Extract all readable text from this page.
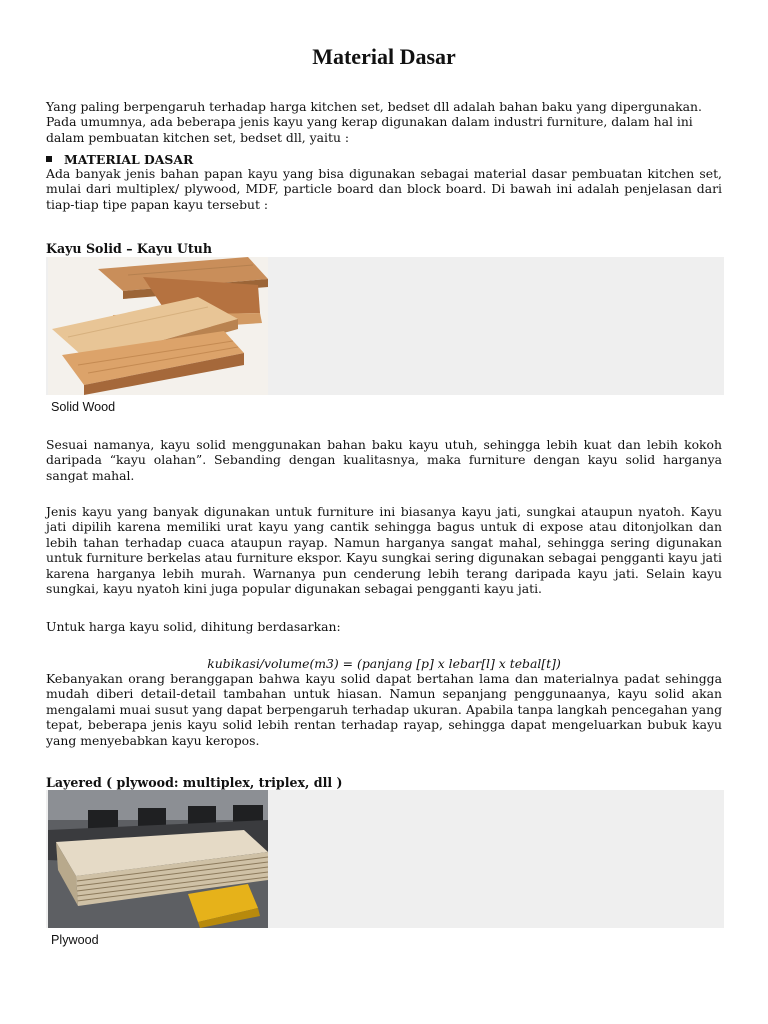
Material Dasar

Yang paling berpengaruh terhadap harga kitchen set, bedset dll adalah bahan baku yang dipergunakan. Pada umumnya, ada beberapa jenis kayu yang kerap digunakan dalam industri furniture, dalam hal ini dalam pembuatan kitchen set, bedset dll, yaitu :

MATERIAL DASAR

Ada banyak jenis bahan papan kayu yang bisa digunakan sebagai material dasar pembuatan kitchen set, mulai dari multiplex/ plywood, MDF, particle board dan block board. Di bawah ini adalah penjelasan dari tiap-tiap tipe papan kayu tersebut :

Kayu Solid – Kayu Utuh

Solid Wood

Sesuai namanya, kayu solid menggunakan bahan baku kayu utuh, sehingga lebih kuat dan lebih kokoh daripada “kayu olahan”. Sebanding dengan kualitasnya, maka furniture dengan kayu solid harganya sangat mahal.

Jenis kayu yang banyak digunakan untuk furniture ini biasanya kayu jati, sungkai ataupun nyatoh. Kayu jati dipilih karena memiliki urat kayu yang cantik sehingga bagus untuk di expose atau ditonjolkan dan lebih tahan terhadap cuaca ataupun rayap. Namun harganya sangat mahal, sehingga sering digunakan untuk furniture berkelas atau furniture ekspor. Kayu sungkai sering digunakan sebagai pengganti kayu jati karena harganya lebih murah. Warnanya pun cenderung lebih terang daripada kayu jati. Selain kayu sungkai, kayu nyatoh kini juga popular digunakan sebagai pengganti kayu jati.

Untuk harga kayu solid, dihitung berdasarkan:

kubikasi/volume(m3) = (panjang [p] x lebar[l] x tebal[t])

Kebanyakan orang beranggapan bahwa kayu solid dapat bertahan lama dan materialnya padat sehingga mudah diberi detail-detail tambahan untuk hiasan. Namun sepanjang penggunaanya, kayu solid akan mengalami muai susut yang dapat berpengaruh terhadap ukuran. Apabila tanpa langkah pencegahan yang tepat, beberapa jenis kayu solid lebih rentan terhadap rayap, sehingga dapat mengeluarkan bubuk kayu yang menyebabkan kayu keropos.

Layered ( plywood: multiplex, triplex, dll )

Plywood
